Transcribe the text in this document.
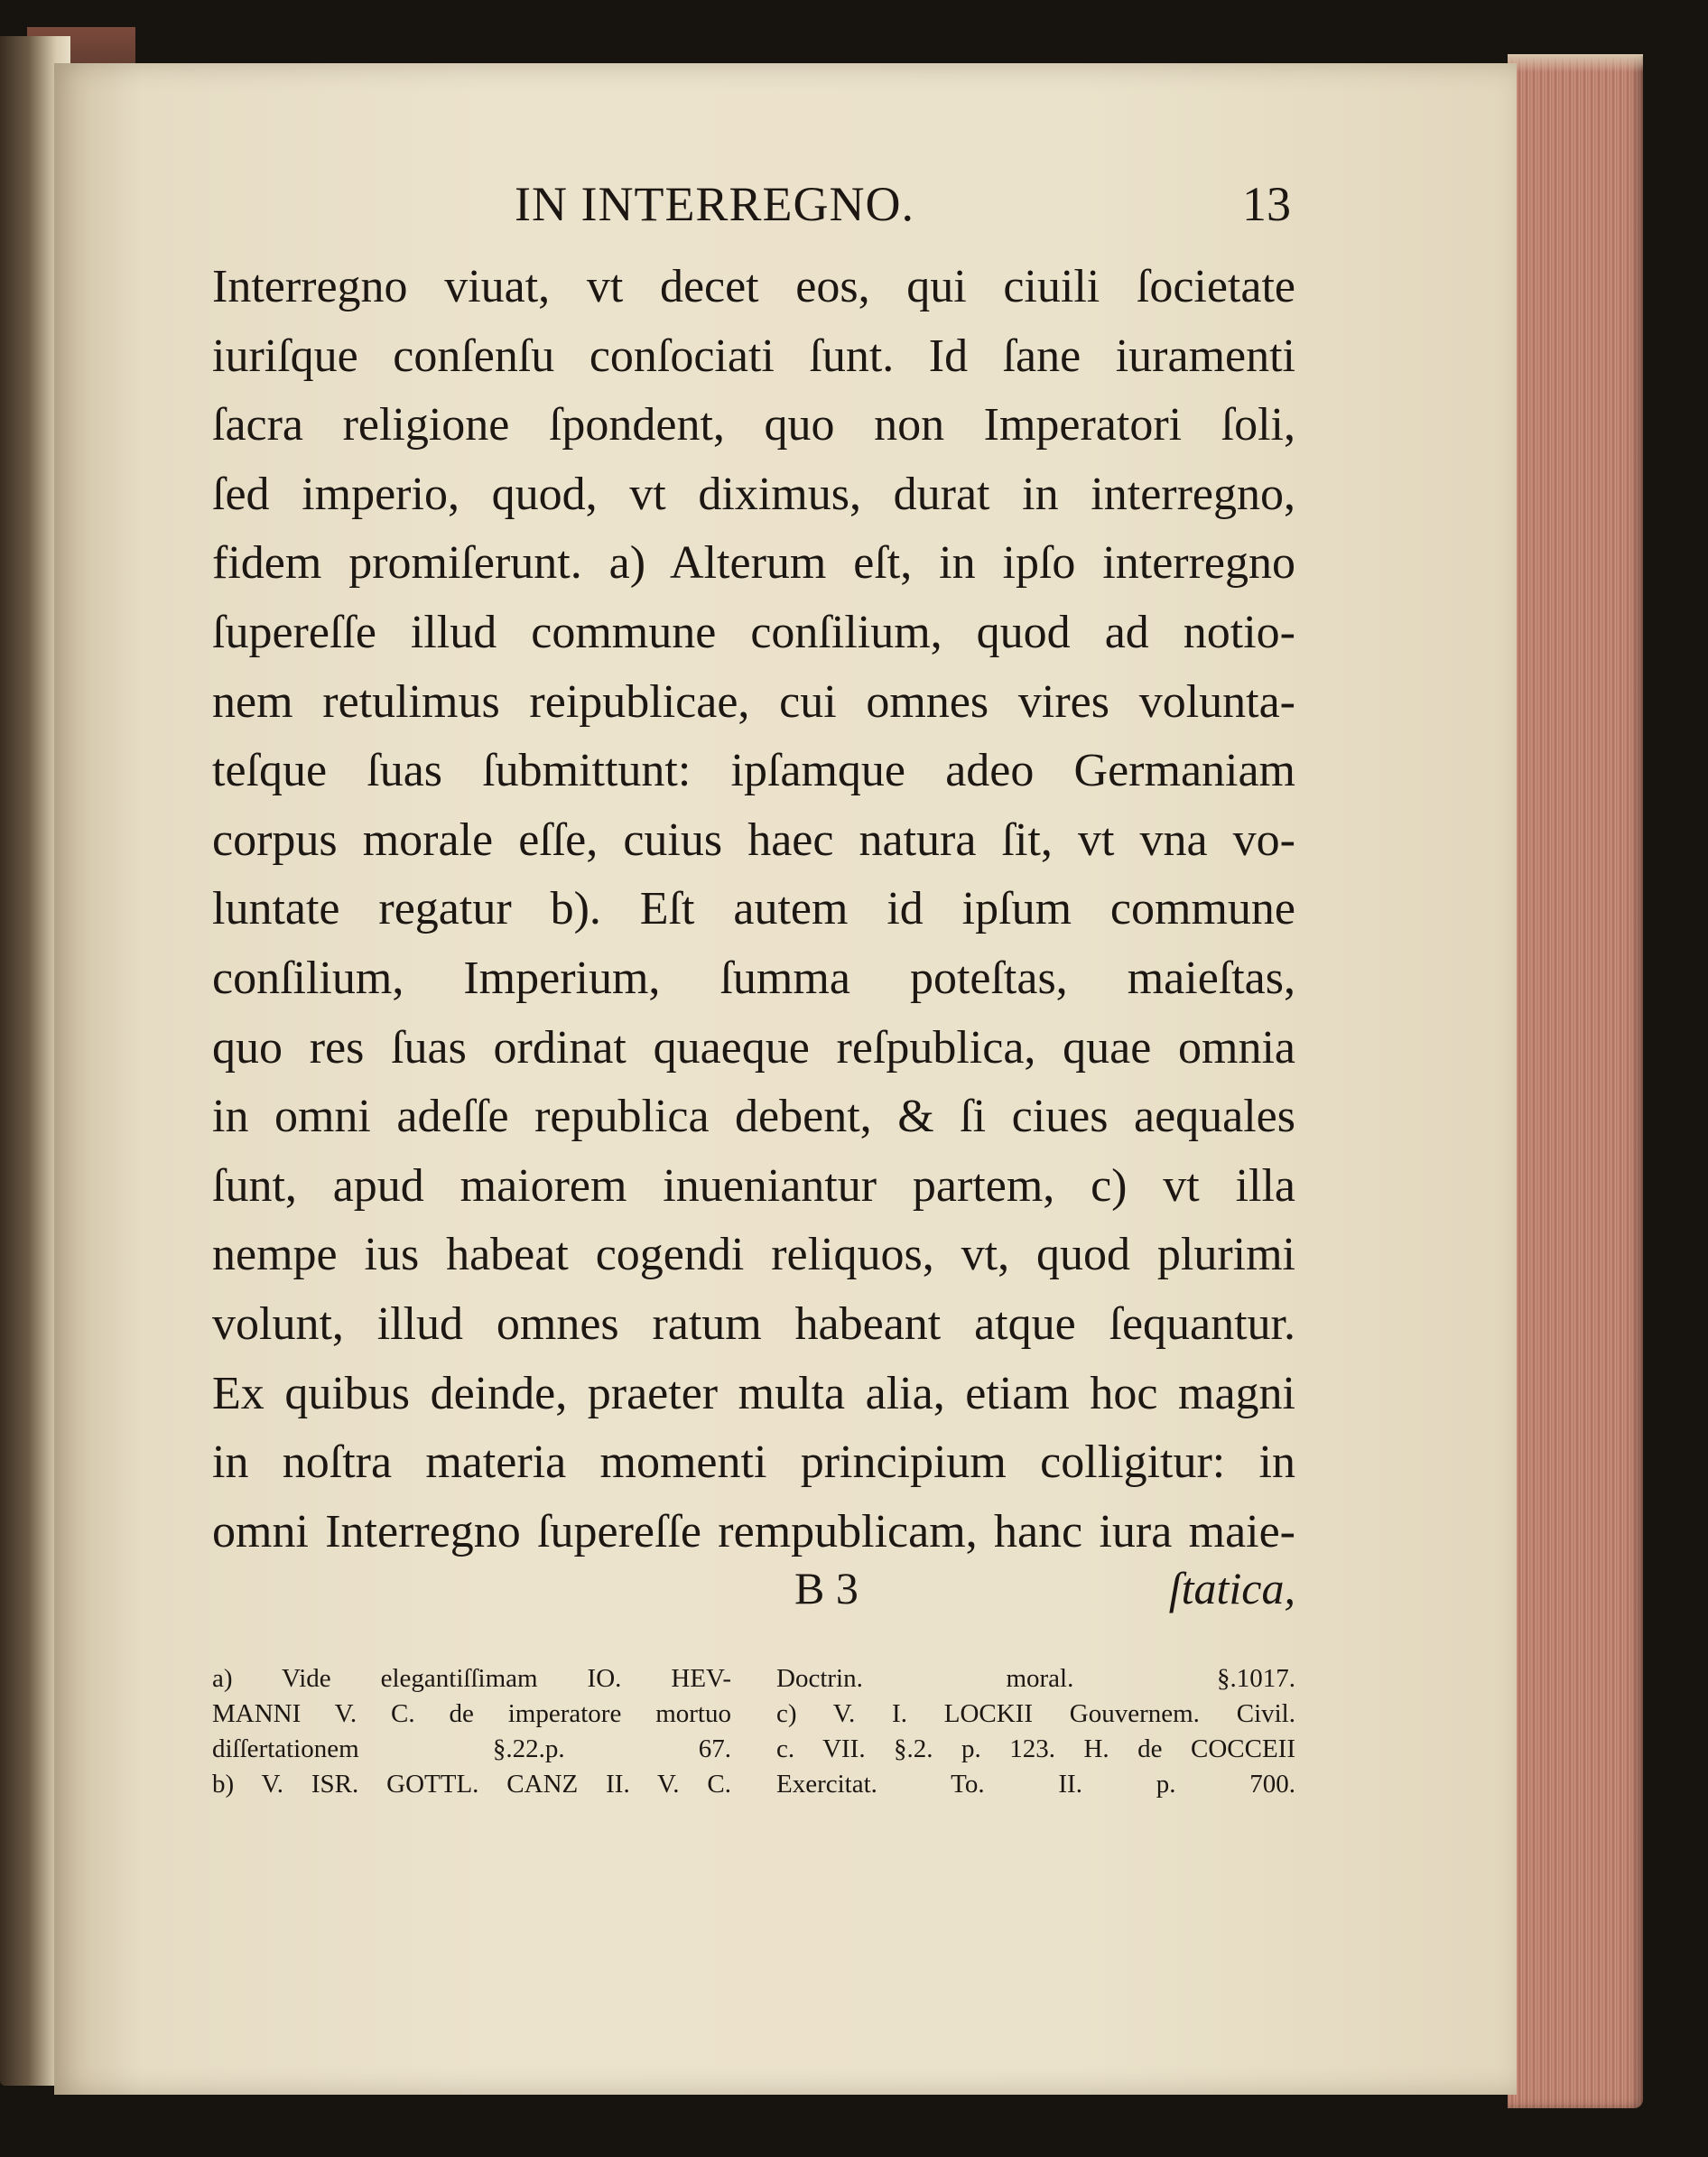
IN INTERREGNO.	13
Interregno viuat, vt decet eos, qui ciuili ſocietate
iuriſque conſenſu conſociati ſunt. Id ſane iuramenti
ſacra religione ſpondent, quo non Imperatori ſoli,
ſed imperio, quod, vt diximus, durat in interregno,
fidem promiſerunt. a) Alterum eſt, in ipſo interregno
ſupereſſe illud commune conſilium, quod ad notio-
nem retulimus reipublicae, cui omnes vires volunta-
teſque ſuas ſubmittunt: ipſamque adeo Germaniam
corpus morale eſſe, cuius haec natura ſit, vt vna vo-
luntate regatur b). Eſt autem id ipſum commune
conſilium, Imperium, ſumma poteſtas, maieſtas,
quo res ſuas ordinat quaeque reſpublica, quae omnia
in omni adeſſe republica debent, & ſi ciues aequales
ſunt, apud maiorem inueniantur partem, c) vt illa
nempe ius habeat cogendi reliquos, vt, quod plurimi
volunt, illud omnes ratum habeant atque ſequantur.
Ex quibus deinde, praeter multa alia, etiam hoc magni
in noſtra materia momenti principium colligitur: in
omni Interregno ſupereſſe rempublicam, hanc iura maie-
B 3	ſtatica,
a) Vide elegantiſſimam IO. HEV-
MANNI V. C. de imperatore mortuo
diſſertationem §.22.p. 67.
b) V. ISR. GOTTL. CANZ II. V. C.
Doctrin. moral. §.1017.
c) V. I. LOCKII Gouvernem. Civil.
c. VII. §.2. p. 123. H. de COCCEII
Exercitat. To. II. p. 700.
